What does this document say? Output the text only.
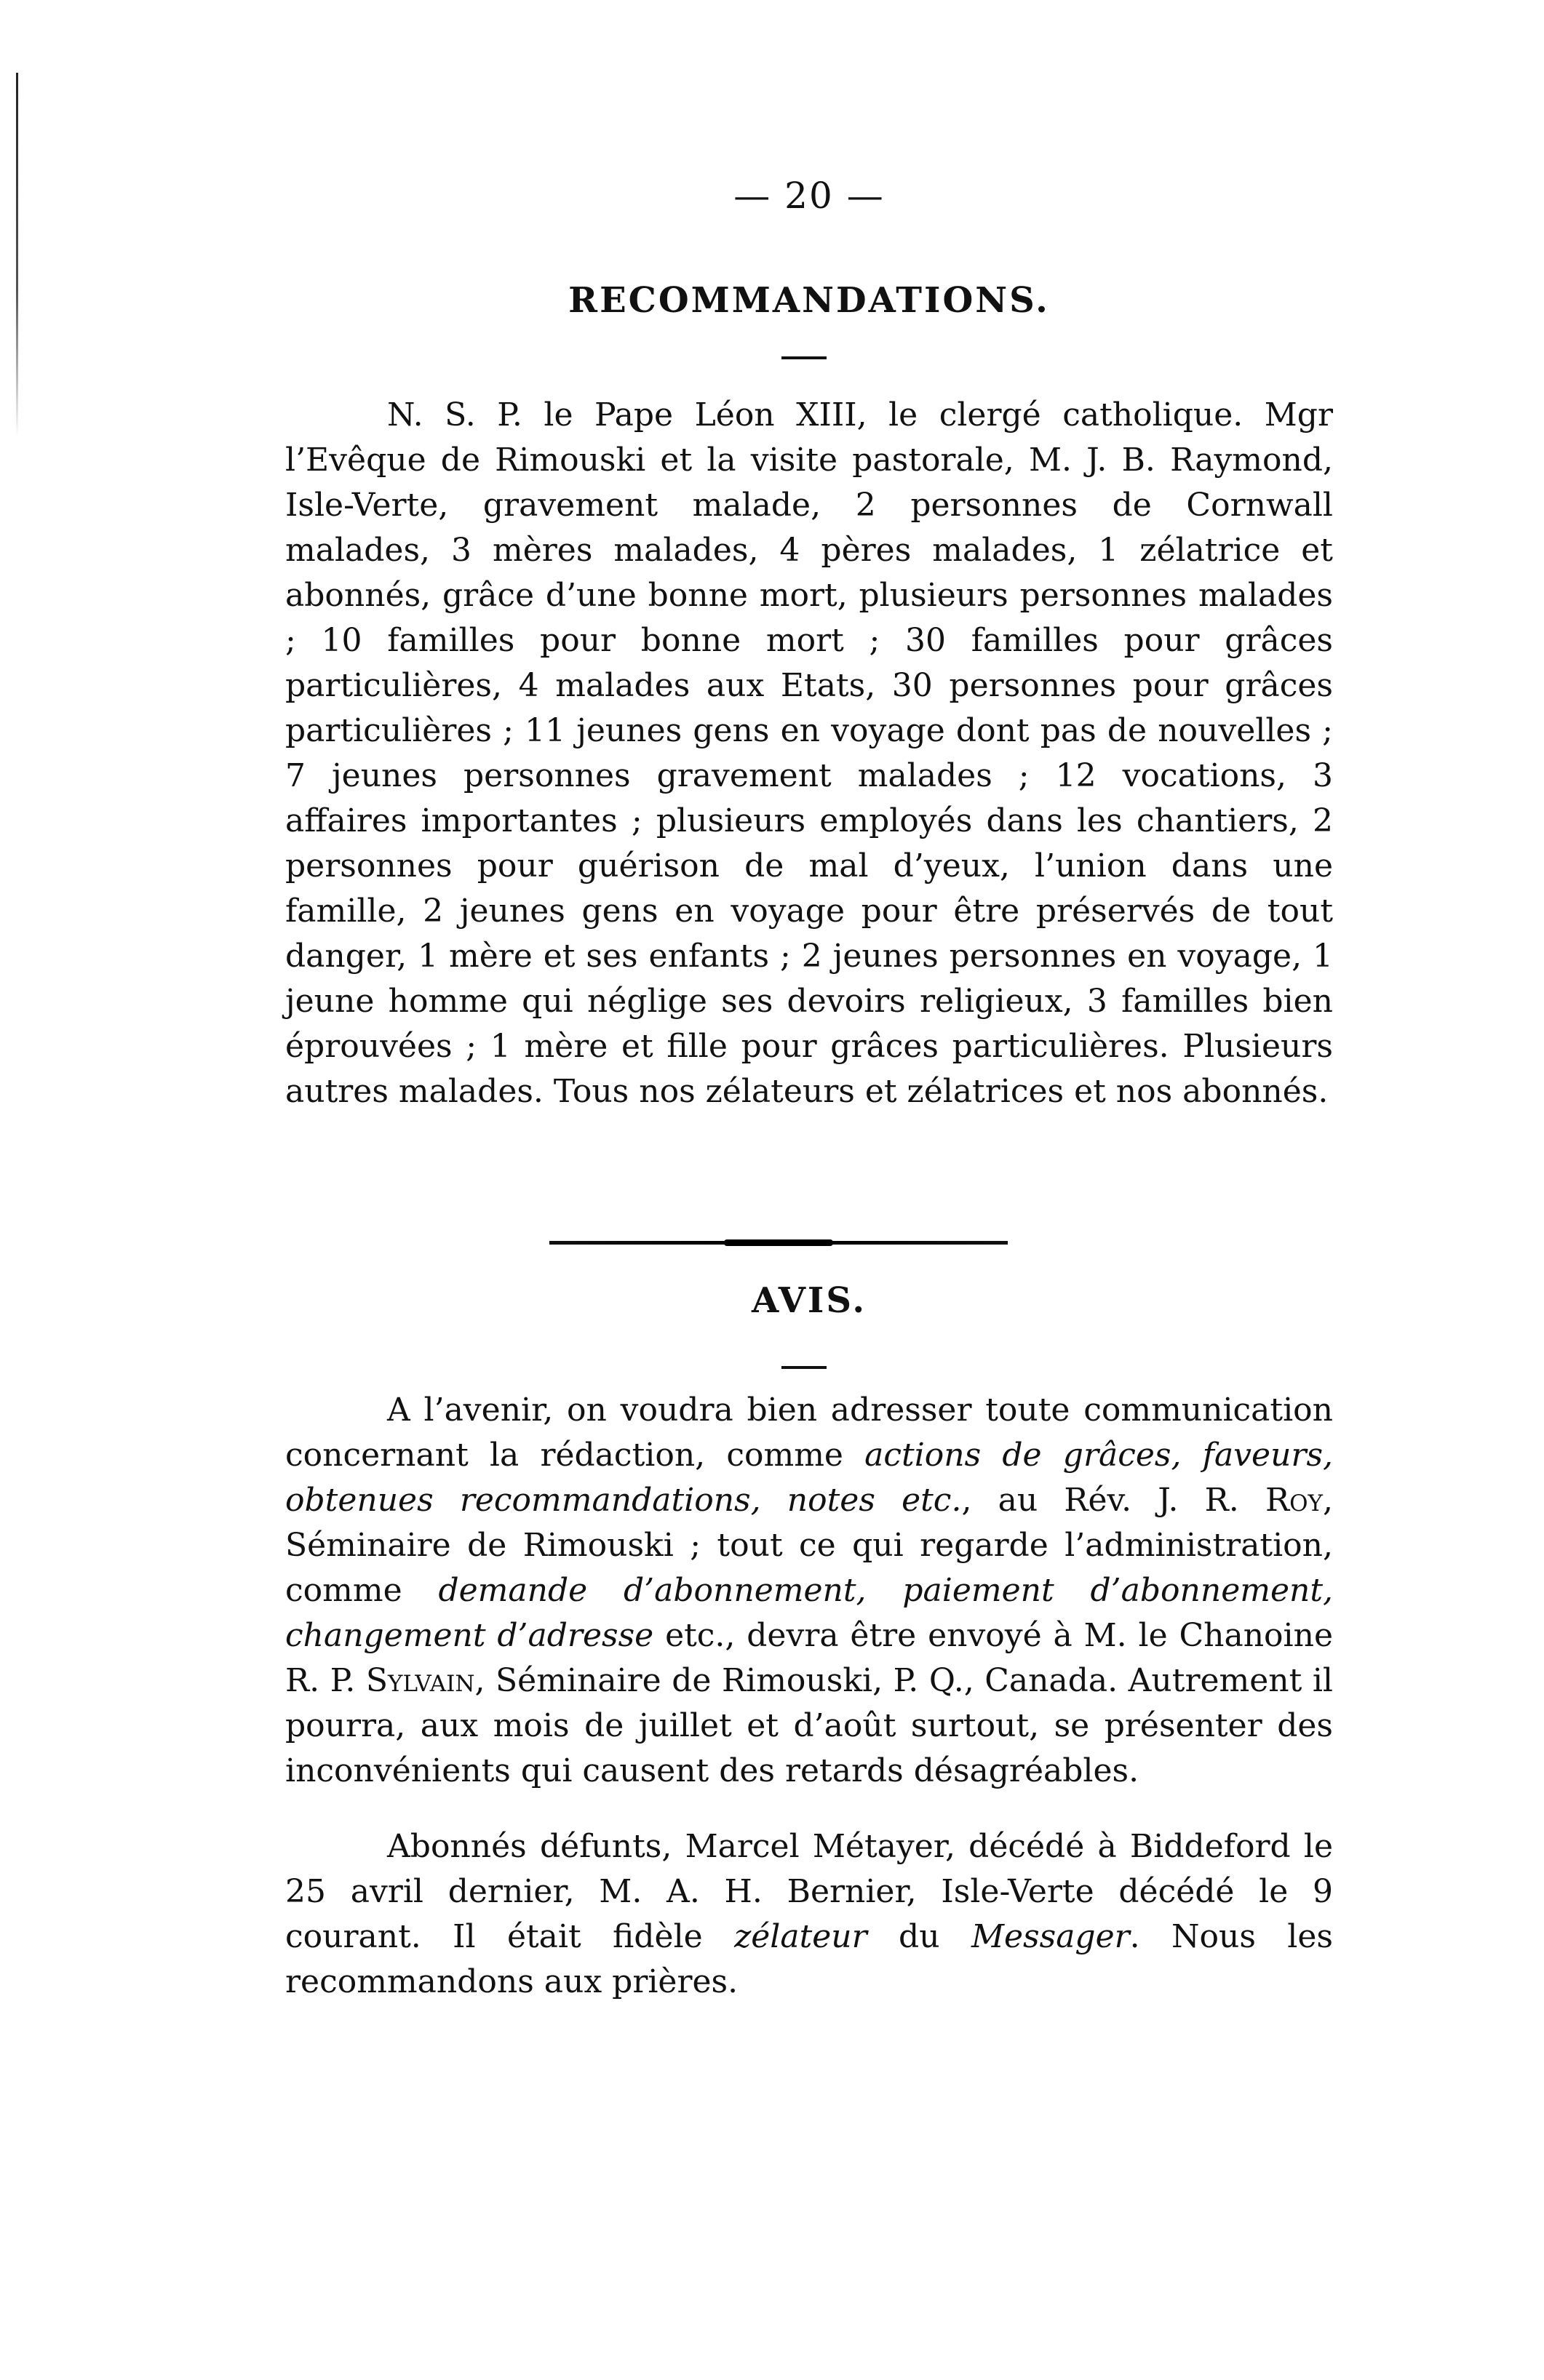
— 20 —
RECOMMANDATIONS.

N. S. P. le Pape Léon XIII, le clergé catholique. Mgr l’Evêque de Rimouski et la visite pastorale, M. J. B. Raymond, Isle-Verte, gravement malade, 2 personnes de Cornwall malades, 3 mères malades, 4 pères malades, 1 zélatrice et abonnés, grâce d’une bonne mort, plusieurs personnes malades ; 10 familles pour bonne mort ; 30 familles pour grâces particulières, 4 malades aux Etats, 30 personnes pour grâces particulières ; 11 jeunes gens en voyage dont pas de nouvelles ; 7 jeunes personnes gravement malades ; 12 vocations, 3 affaires importantes ; plusieurs employés dans les chantiers, 2 personnes pour guérison de mal d’yeux, l’union dans une famille, 2 jeunes gens en voyage pour être préservés de tout danger, 1 mère et ses enfants ; 2 jeunes personnes en voyage, 1 jeune homme qui néglige ses devoirs religieux, 3 familles bien éprouvées ; 1 mère et fille pour grâces particulières. Plusieurs autres malades. Tous nos zélateurs et zélatrices et nos abonnés.

AVIS.

A l’avenir, on voudra bien adresser toute communication concernant la rédaction, comme actions de grâces, faveurs, obtenues recommandations, notes etc., au Rév. J. R. Roy, Séminaire de Rimouski ; tout ce qui regarde l’administration, comme demande d’abonnement, paiement d’abonnement, changement d’adresse etc., devra être envoyé à M. le Chanoine R. P. Sylvain, Séminaire de Rimouski, P. Q., Canada. Autrement il pourra, aux mois de juillet et d’août surtout, se présenter des inconvénients qui causent des retards désagréables.

Abonnés défunts, Marcel Métayer, décédé à Biddeford le 25 avril dernier, M. A. H. Bernier, Isle-Verte décédé le 9 courant. Il était fidèle zélateur du Messager. Nous les recommandons aux prières.
